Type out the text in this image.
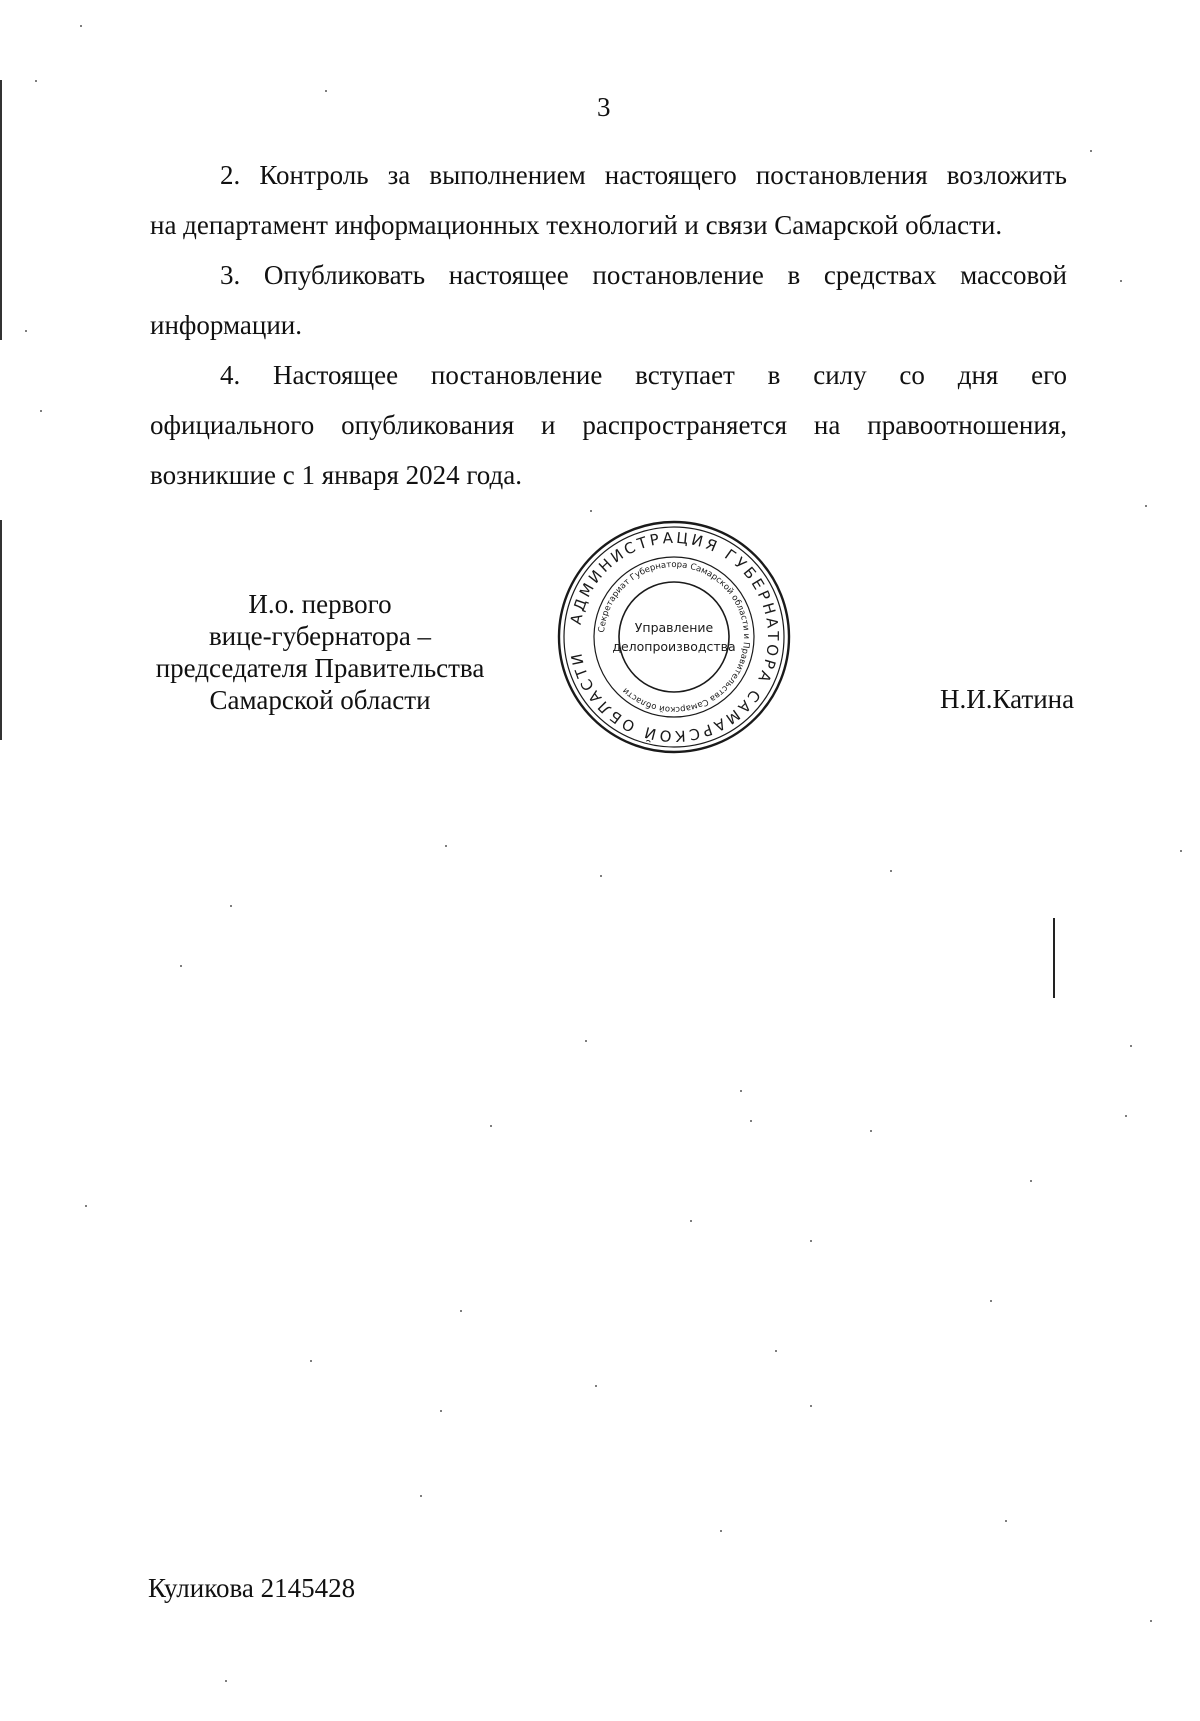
3
2. Контроль за выполнением настоящего постановления возложить
на департамент информационных технологий и связи Самарской области.
3. Опубликовать настоящее постановление в средствах массовой
информации.
4. Настоящее постановление вступает в силу со дня его
официального опубликования и распространяется на правоотношения,
возникшие с 1 января 2024 года.
И.о. первого
вице-губернатора –
председателя Правительства
Самарской области
АДМИНИСТРАЦИЯ ГУБЕРНАТОРА САМАРСКОЙ ОБЛАСТИ
Секретариат Губернатора Самарской области и Правительства Самарской области
Управление
делопроизводства
Н.И.Катина
Куликова 2145428
